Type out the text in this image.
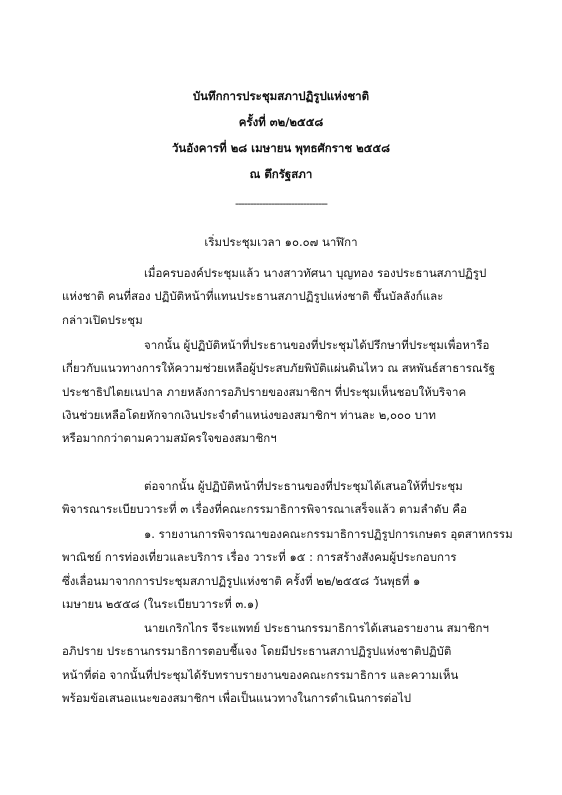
บันทึกการประชุมสภาปฏิรูปแห่งชาติ
ครั้งที่ ๓๒/๒๕๕๘
วันอังคารที่ ๒๘ เมษายน พุทธศักราช ๒๕๕๘
ณ ตึกรัฐสภา
-------------------------------
เริ่มประชุมเวลา ๑๐.๐๗ นาฬิกา
เมื่อครบองค์ประชุมแล้ว นางสาวทัศนา บุญทอง รองประธานสภาปฏิรูป
แห่งชาติ คนที่สอง ปฏิบัติหน้าที่แทนประธานสภาปฏิรูปแห่งชาติ ขึ้นบัลลังก์และ
กล่าวเปิดประชุม
จากนั้น ผู้ปฏิบัติหน้าที่ประธานของที่ประชุมได้ปรึกษาที่ประชุมเพื่อหารือ
เกี่ยวกับแนวทางการให้ความช่วยเหลือผู้ประสบภัยพิบัติแผ่นดินไหว ณ สหพันธ์สาธารณรัฐ
ประชาธิปไตยเนปาล ภายหลังการอภิปรายของสมาชิกฯ ที่ประชุมเห็นชอบให้บริจาค
เงินช่วยเหลือโดยหักจากเงินประจำตำแหน่งของสมาชิกฯ ท่านละ ๒,๐๐๐ บาท
หรือมากกว่าตามความสมัครใจของสมาชิกฯ
ต่อจากนั้น ผู้ปฏิบัติหน้าที่ประธานของที่ประชุมได้เสนอให้ที่ประชุม
พิจารณาระเบียบวาระที่ ๓ เรื่องที่คณะกรรมาธิการพิจารณาเสร็จแล้ว ตามลำดับ คือ
๑. รายงานการพิจารณาของคณะกรรมาธิการปฏิรูปการเกษตร อุตสาหกรรม
พาณิชย์ การท่องเที่ยวและบริการ เรื่อง วาระที่ ๑๕ : การสร้างสังคมผู้ประกอบการ
ซึ่งเลื่อนมาจากการประชุมสภาปฏิรูปแห่งชาติ ครั้งที่ ๒๒/๒๕๕๘ วันพุธที่ ๑
เมษายน ๒๕๕๘ (ในระเบียบวาระที่ ๓.๑)
นายเกริกไกร จีระแพทย์ ประธานกรรมาธิการได้เสนอรายงาน สมาชิกฯ
อภิปราย ประธานกรรมาธิการตอบชี้แจง โดยมีประธานสภาปฏิรูปแห่งชาติปฏิบัติ
หน้าที่ต่อ จากนั้นที่ประชุมได้รับทราบรายงานของคณะกรรมาธิการ และความเห็น
พร้อมข้อเสนอแนะของสมาชิกฯ เพื่อเป็นแนวทางในการดำเนินการต่อไป
